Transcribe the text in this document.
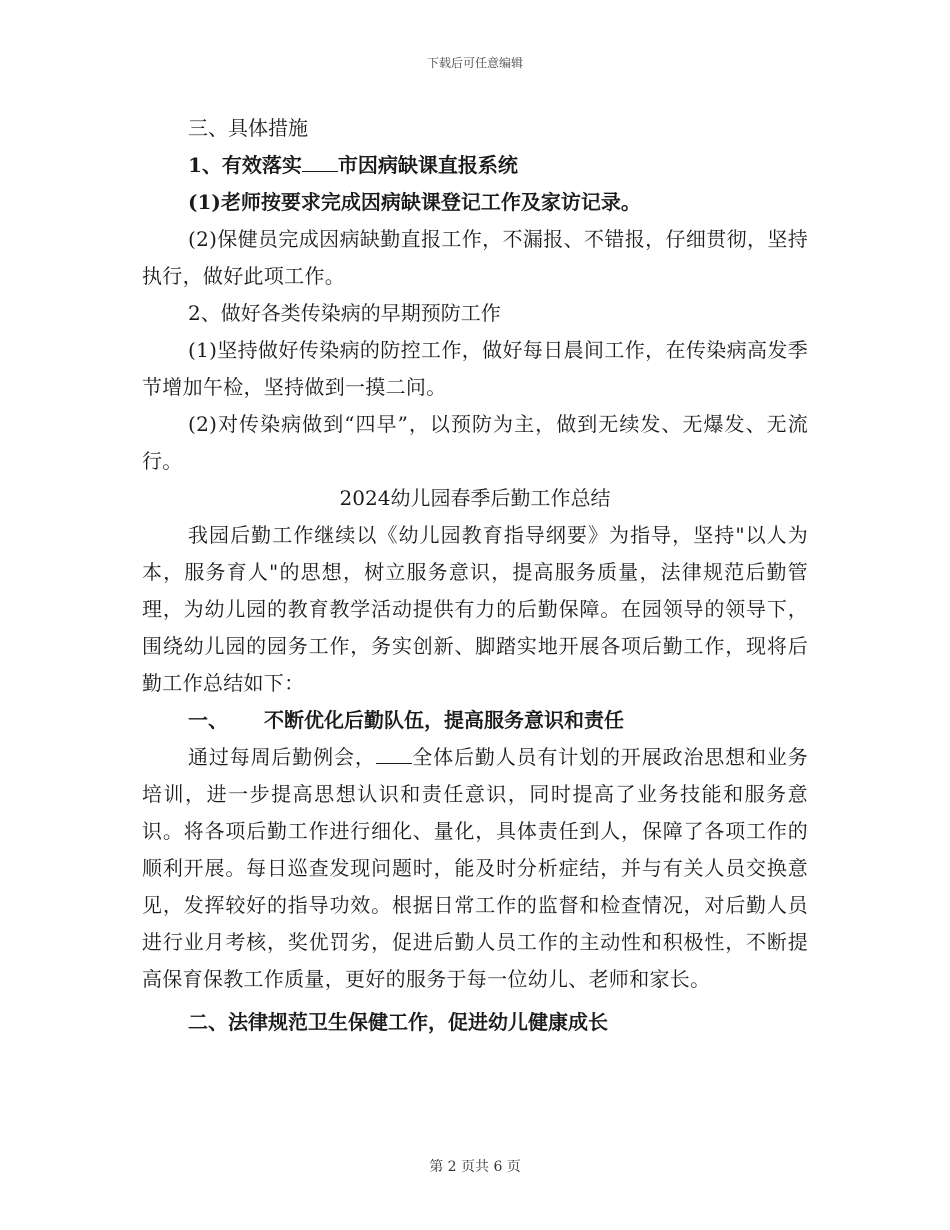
下载后可任意编辑

三、具体措施

1、有效落实 市因病缺课直报系统

(1)老师按要求完成因病缺课登记工作及家访记录。

(2)保健员完成因病缺勤直报工作，不漏报、不错报，仔细贯彻，坚持执行，做好此项工作。

2、做好各类传染病的早期预防工作

(1)坚持做好传染病的防控工作，做好每日晨间工作，在传染病高发季节增加午检，坚持做到一摸二问。

(2)对传染病做到“四早”，以预防为主，做到无续发、无爆发、无流行。

2024幼儿园春季后勤工作总结

我园后勤工作继续以《幼儿园教育指导纲要》为指导，坚持"以人为本，服务育人"的思想，树立服务意识，提高服务质量，法律规范后勤管理，为幼儿园的教育教学活动提供有力的后勤保障。在园领导的领导下，围绕幼儿园的园务工作，务实创新、脚踏实地开展各项后勤工作，现将后勤工作总结如下：

一、 不断优化后勤队伍，提高服务意识和责任

通过每周后勤例会， 全体后勤人员有计划的开展政治思想和业务培训，进一步提高思想认识和责任意识，同时提高了业务技能和服务意识。将各项后勤工作进行细化、量化，具体责任到人，保障了各项工作的顺利开展。每日巡查发现问题时，能及时分析症结，并与有关人员交换意见，发挥较好的指导功效。根据日常工作的监督和检查情况，对后勤人员进行业月考核，奖优罚劣，促进后勤人员工作的主动性和积极性，不断提高保育保教工作质量，更好的服务于每一位幼儿、老师和家长。

二、法律规范卫生保健工作，促进幼儿健康成长

第 2 页共 6 页
